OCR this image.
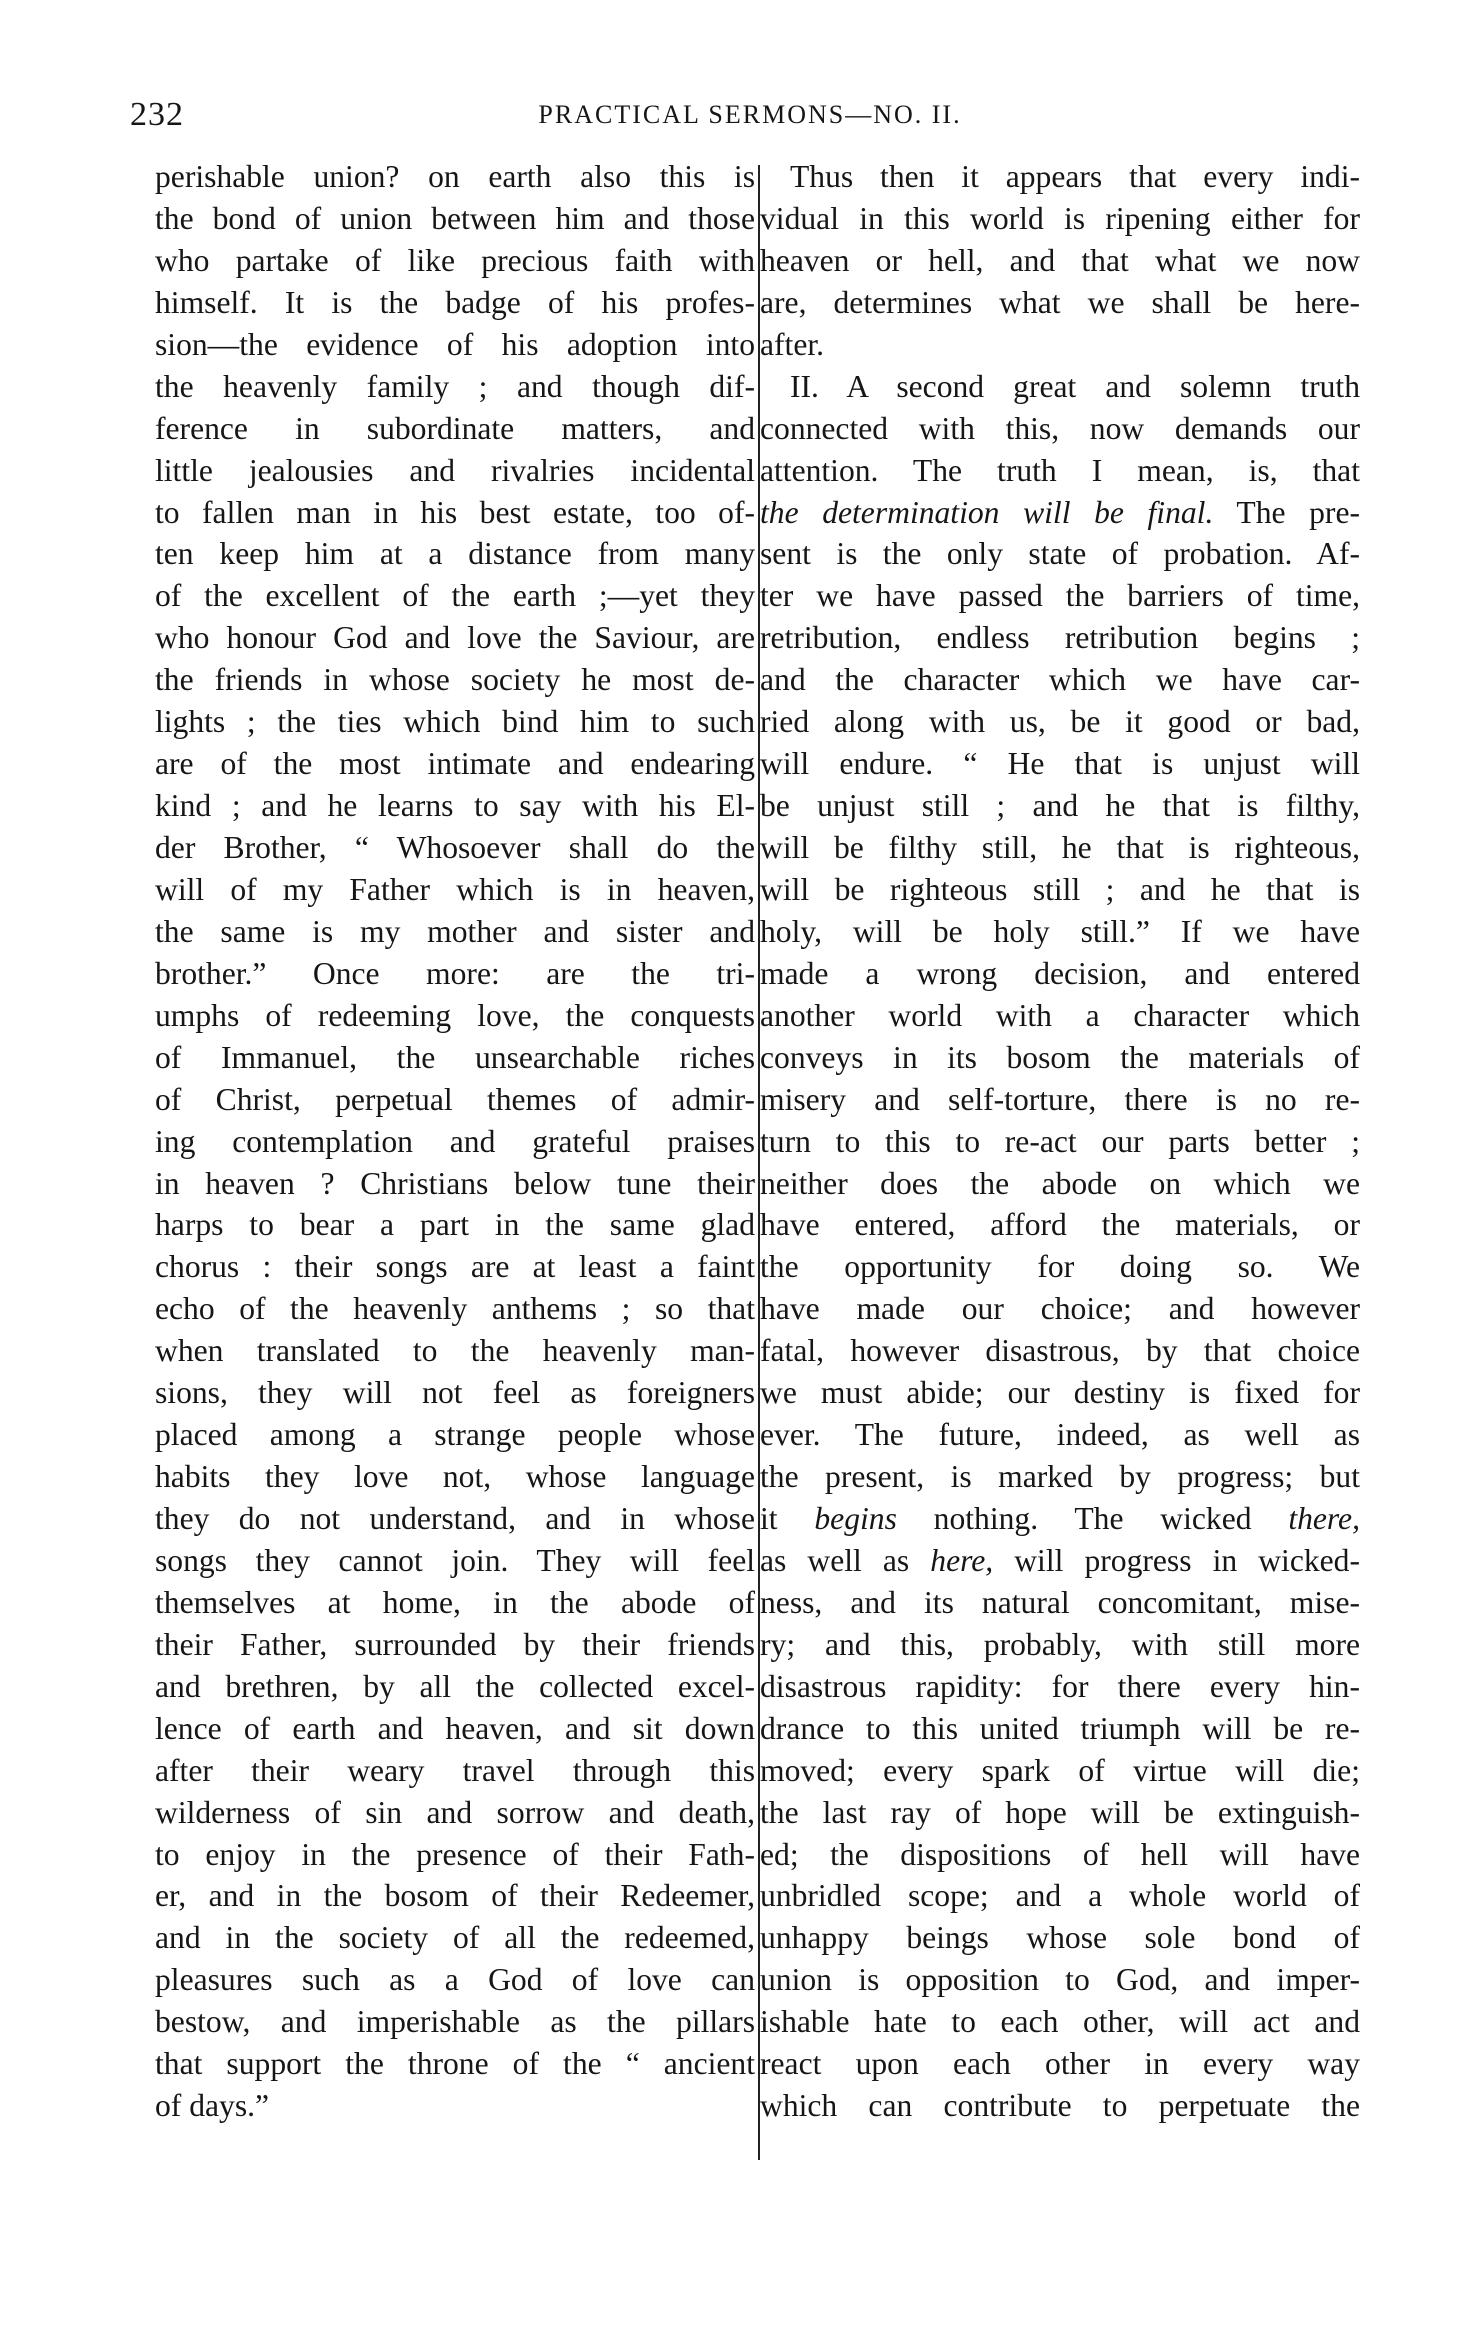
232	PRACTICAL SERMONS—NO. II.
perishable union? on earth also this is
the bond of union between him and those
who partake of like precious faith with
himself. It is the badge of his profes-
sion—the evidence of his adoption into
the heavenly family ; and though dif-
ference in subordinate matters, and
little jealousies and rivalries incidental
to fallen man in his best estate, too of-
ten keep him at a distance from many
of the excellent of the earth ;—yet they
who honour God and love the Saviour, are
the friends in whose society he most de-
lights ; the ties which bind him to such
are of the most intimate and endearing
kind ; and he learns to say with his El-
der Brother, “ Whosoever shall do the
will of my Father which is in heaven,
the same is my mother and sister and
brother.” Once more: are the tri-
umphs of redeeming love, the conquests
of Immanuel, the unsearchable riches
of Christ, perpetual themes of admir-
ing contemplation and grateful praises
in heaven ? Christians below tune their
harps to bear a part in the same glad
chorus : their songs are at least a faint
echo of the heavenly anthems ; so that
when translated to the heavenly man-
sions, they will not feel as foreigners
placed among a strange people whose
habits they love not, whose language
they do not understand, and in whose
songs they cannot join. They will feel
themselves at home, in the abode of
their Father, surrounded by their friends
and brethren, by all the collected excel-
lence of earth and heaven, and sit down
after their weary travel through this
wilderness of sin and sorrow and death,
to enjoy in the presence of their Fath-
er, and in the bosom of their Redeemer,
and in the society of all the redeemed,
pleasures such as a God of love can
bestow, and imperishable as the pillars
that support the throne of the “ ancient
of days.”
Thus then it appears that every indi-
vidual in this world is ripening either for
heaven or hell, and that what we now
are, determines what we shall be here-
after.
II. A second great and solemn truth
connected with this, now demands our
attention. The truth I mean, is, that
the determination will be final. The pre-
sent is the only state of probation. Af-
ter we have passed the barriers of time,
retribution, endless retribution begins ;
and the character which we have car-
ried along with us, be it good or bad,
will endure. “ He that is unjust will
be unjust still ; and he that is filthy,
will be filthy still, he that is righteous,
will be righteous still ; and he that is
holy, will be holy still.” If we have
made a wrong decision, and entered
another world with a character which
conveys in its bosom the materials of
misery and self-torture, there is no re-
turn to this to re-act our parts better ;
neither does the abode on which we
have entered, afford the materials, or
the opportunity for doing so. We
have made our choice; and however
fatal, however disastrous, by that choice
we must abide; our destiny is fixed for
ever. The future, indeed, as well as
the present, is marked by progress; but
it begins nothing. The wicked there,
as well as here, will progress in wicked-
ness, and its natural concomitant, mise-
ry; and this, probably, with still more
disastrous rapidity: for there every hin-
drance to this united triumph will be re-
moved; every spark of virtue will die;
the last ray of hope will be extinguish-
ed; the dispositions of hell will have
unbridled scope; and a whole world of
unhappy beings whose sole bond of
union is opposition to God, and imper-
ishable hate to each other, will act and
react upon each other in every way
which can contribute to perpetuate the
